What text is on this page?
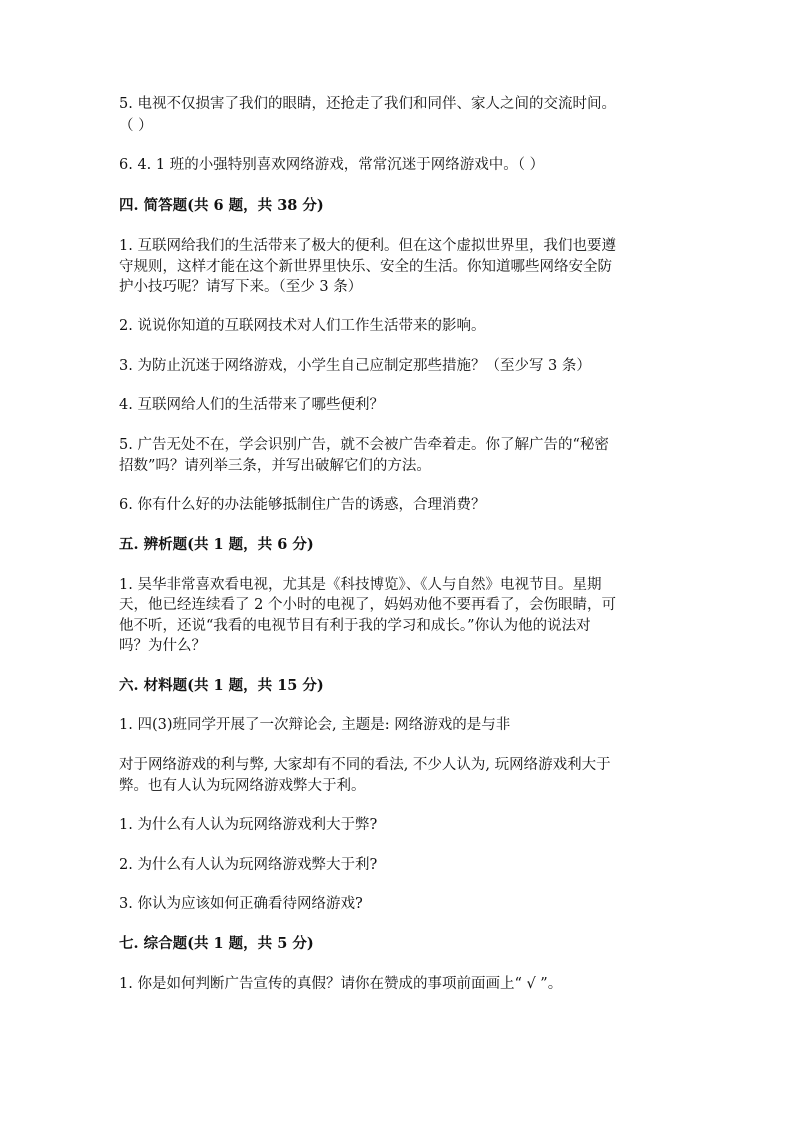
5. 电视不仅损害了我们的眼睛，还抢走了我们和同伴、家人之间的交流时间。
（ ）
6. 4. 1 班的小强特别喜欢网络游戏，常常沉迷于网络游戏中。（ ）
四. 简答题(共 6 题，共 38 分)
1. 互联网给我们的生活带来了极大的便利。但在这个虚拟世界里，我们也要遵
守规则，这样才能在这个新世界里快乐、安全的生活。你知道哪些网络安全防
护小技巧呢？请写下来。（至少 3 条）
2. 说说你知道的互联网技术对人们工作生活带来的影响。
3. 为防止沉迷于网络游戏，小学生自己应制定那些措施？（至少写 3 条）
4. 互联网给人们的生活带来了哪些便利？
5. 广告无处不在，学会识别广告，就不会被广告牵着走。你了解广告的“秘密
招数”吗？请列举三条，并写出破解它们的方法。
6. 你有什么好的办法能够抵制住广告的诱惑，合理消费？
五. 辨析题(共 1 题，共 6 分)
1. 吴华非常喜欢看电视，尤其是《科技博览》、《人与自然》电视节目。星期
天，他已经连续看了 2 个小时的电视了，妈妈劝他不要再看了，会伤眼睛，可
他不听，还说“我看的电视节目有利于我的学习和成长。”你认为他的说法对
吗？为什么？
六. 材料题(共 1 题，共 15 分)
1. 四(3)班同学开展了一次辩论会, 主题是: 网络游戏的是与非
对于网络游戏的利与弊, 大家却有不同的看法, 不少人认为, 玩网络游戏利大于
弊。也有人认为玩网络游戏弊大于利。
1. 为什么有人认为玩网络游戏利大于弊?
2. 为什么有人认为玩网络游戏弊大于利?
3. 你认为应该如何正确看待网络游戏?
七. 综合题(共 1 题，共 5 分)
1. 你是如何判断广告宣传的真假？请你在赞成的事项前面画上“ √ ”。
